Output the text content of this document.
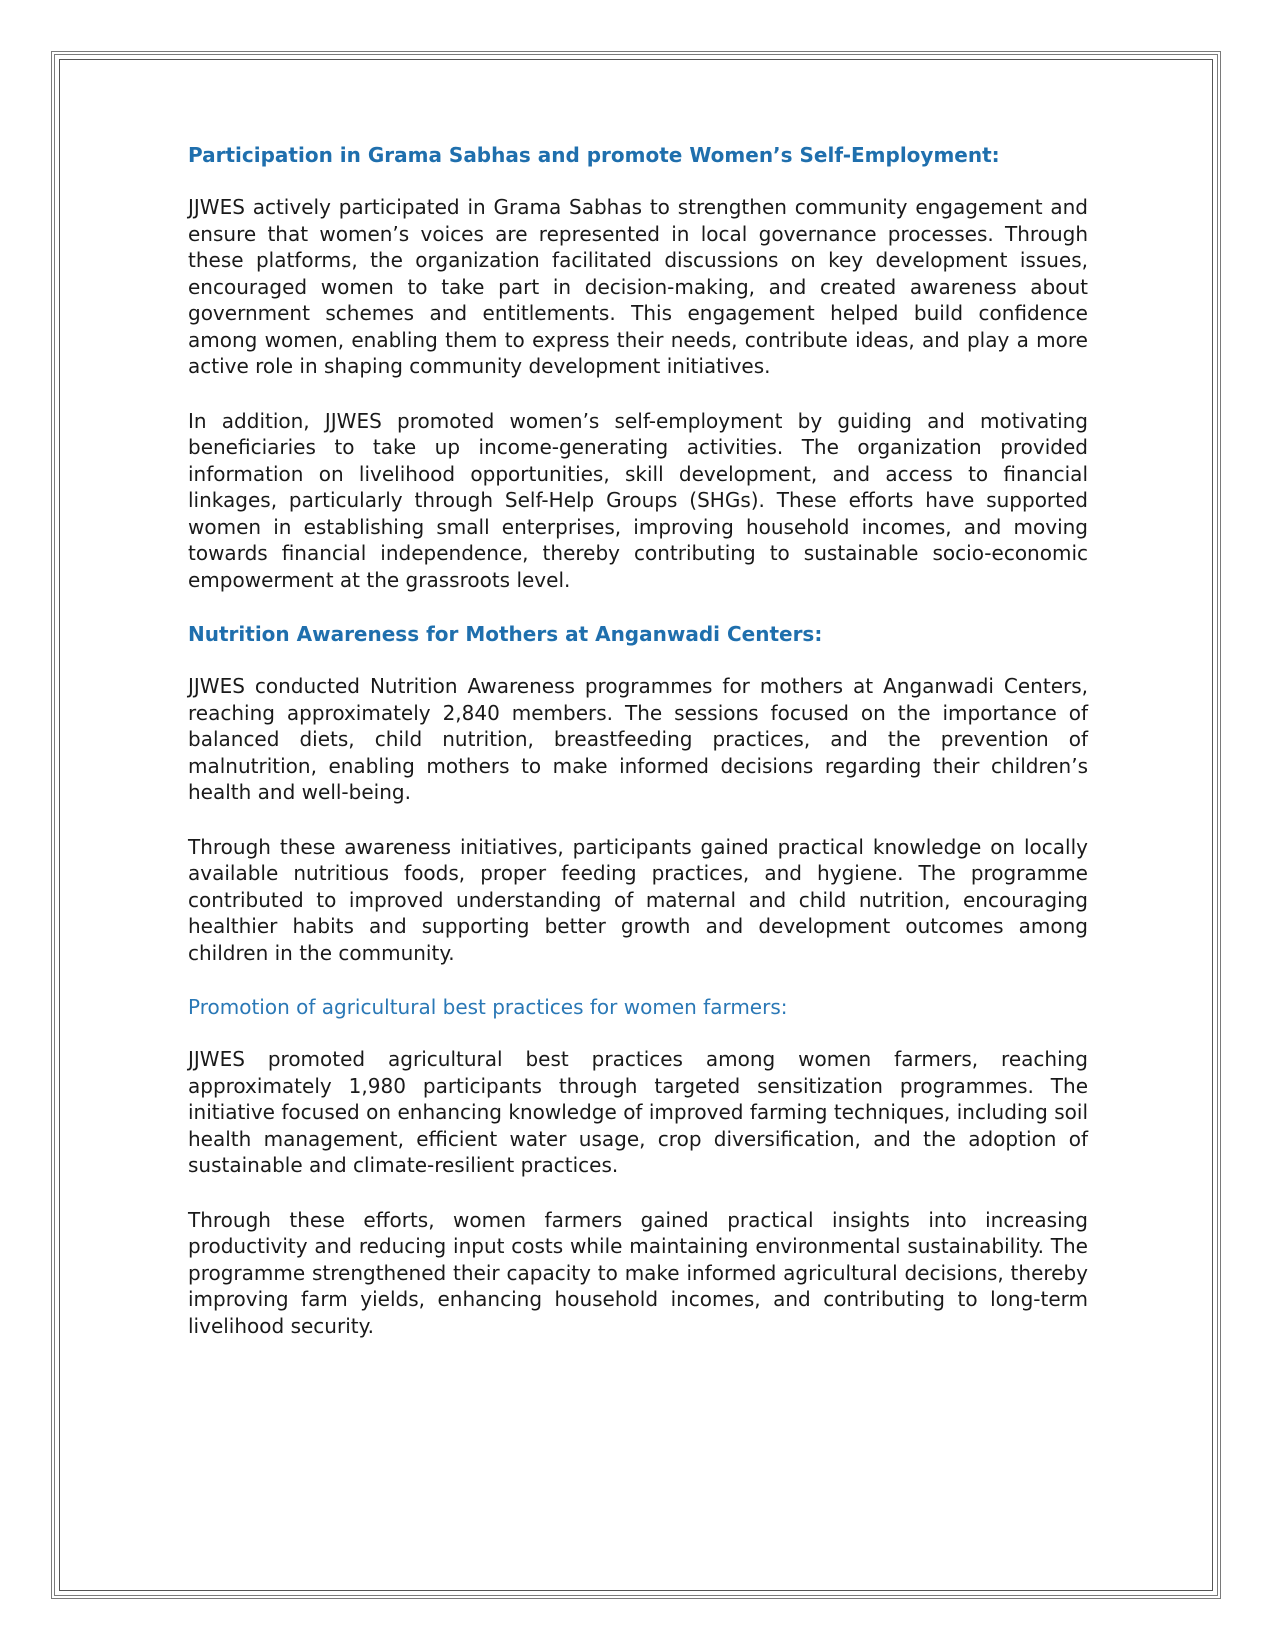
Participation in Grama Sabhas and promote Women’s Self-Employment:

JJWES actively participated in Grama Sabhas to strengthen community engagement and ensure that women’s voices are represented in local governance processes. Through these platforms, the organization facilitated discussions on key development issues, encouraged women to take part in decision-making, and created awareness about government schemes and entitlements. This engagement helped build confidence among women, enabling them to express their needs, contribute ideas, and play a more active role in shaping community development initiatives.

In addition, JJWES promoted women’s self-employment by guiding and motivating beneficiaries to take up income-generating activities. The organization provided information on livelihood opportunities, skill development, and access to financial linkages, particularly through Self-Help Groups (SHGs). These efforts have supported women in establishing small enterprises, improving household incomes, and moving towards financial independence, thereby contributing to sustainable socio-economic empowerment at the grassroots level.

Nutrition Awareness for Mothers at Anganwadi Centers:

JJWES conducted Nutrition Awareness programmes for mothers at Anganwadi Centers, reaching approximately 2,840 members. The sessions focused on the importance of balanced diets, child nutrition, breastfeeding practices, and the prevention of malnutrition, enabling mothers to make informed decisions regarding their children’s health and well-being.

Through these awareness initiatives, participants gained practical knowledge on locally available nutritious foods, proper feeding practices, and hygiene. The programme contributed to improved understanding of maternal and child nutrition, encouraging healthier habits and supporting better growth and development outcomes among children in the community.

Promotion of agricultural best practices for women farmers:

JJWES promoted agricultural best practices among women farmers, reaching approximately 1,980 participants through targeted sensitization programmes. The initiative focused on enhancing knowledge of improved farming techniques, including soil health management, efficient water usage, crop diversification, and the adoption of sustainable and climate-resilient practices.

Through these efforts, women farmers gained practical insights into increasing productivity and reducing input costs while maintaining environmental sustainability. The programme strengthened their capacity to make informed agricultural decisions, thereby improving farm yields, enhancing household incomes, and contributing to long-term livelihood security.
